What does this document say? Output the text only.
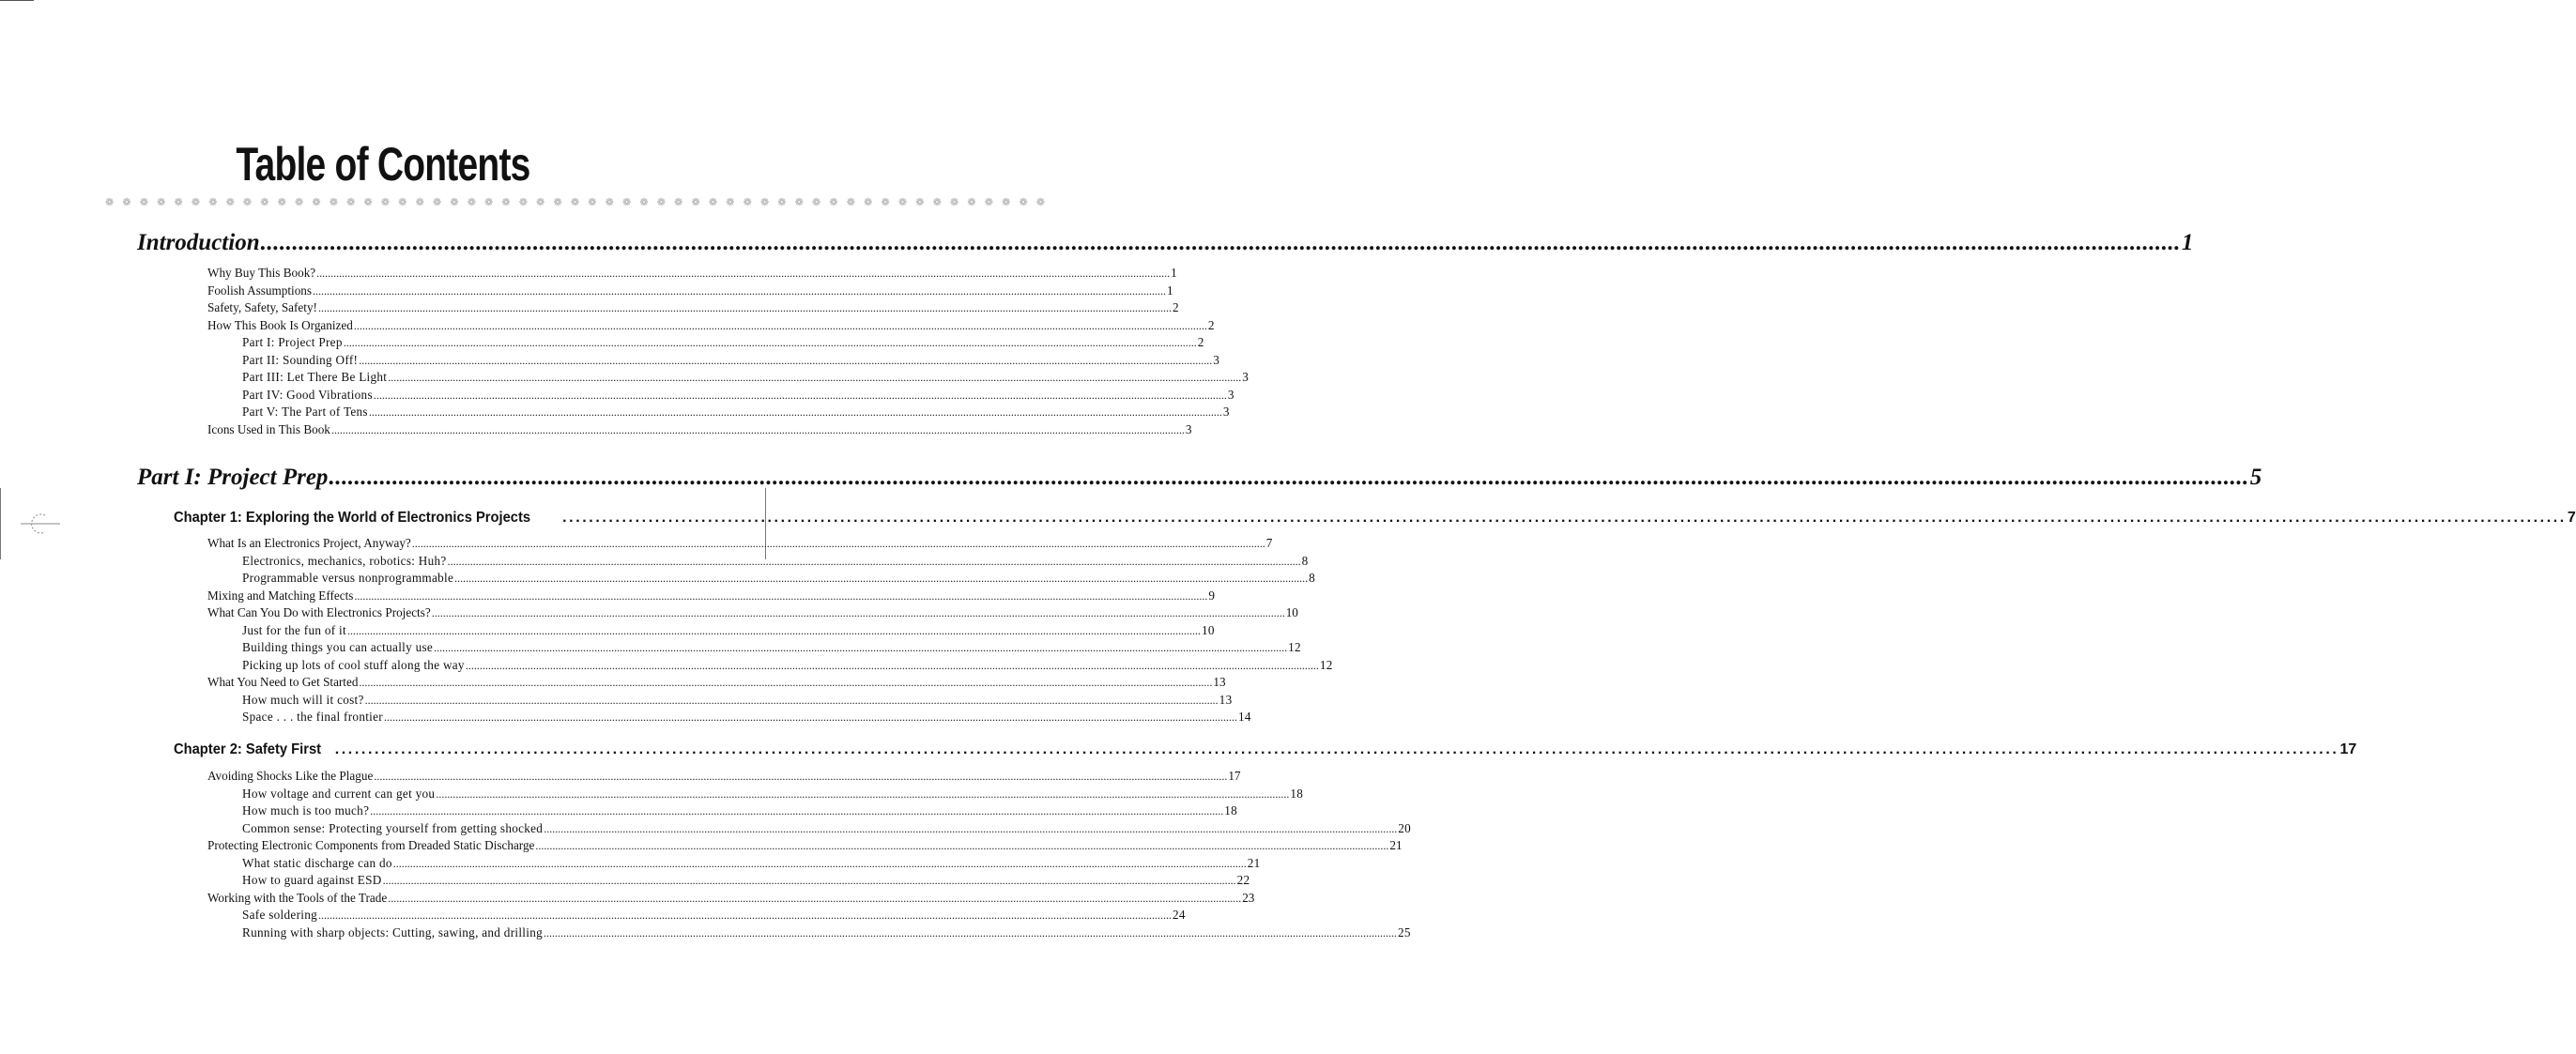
Table of Contents
❁ ❁ ❁ ❁ ❁ ❁ ❁ ❁ ❁ ❁ ❁ ❁ ❁ ❁ ❁ ❁ ❁ ❁ ❁ ❁ ❁ ❁ ❁ ❁ ❁ ❁ ❁ ❁ ❁ ❁ ❁ ❁ ❁ ❁ ❁ ❁ ❁ ❁ ❁ ❁ ❁ ❁ ❁ ❁ ❁ ❁ ❁ ❁ ❁ ❁ ❁ ❁ ❁ ❁ ❁
Introduction .....	1
Why Buy This Book? .....	1
Foolish Assumptions .....	1
Safety, Safety, Safety! .....	2
How This Book Is Organized .....	2
Part I: Project Prep .....	2
Part II: Sounding Off! .....	3
Part III: Let There Be Light .....	3
Part IV: Good Vibrations .....	3
Part V: The Part of Tens .....	3
Icons Used in This Book .....	3
Part I: Project Prep .....	5
Chapter 1: Exploring the World of Electronics Projects .....	7
What Is an Electronics Project, Anyway? .....	7
Electronics, mechanics, robotics: Huh? .....	8
Programmable versus nonprogrammable .....	8
Mixing and Matching Effects .....	9
What Can You Do with Electronics Projects? .....	10
Just for the fun of it .....	10
Building things you can actually use .....	12
Picking up lots of cool stuff along the way .....	12
What You Need to Get Started .....	13
How much will it cost? .....	13
Space . . . the final frontier .....	14
Chapter 2: Safety First .....	17
Avoiding Shocks Like the Plague .....	17
How voltage and current can get you .....	18
How much is too much? .....	18
Common sense: Protecting yourself from getting shocked .....	20
Protecting Electronic Components from Dreaded Static Discharge .....	21
What static discharge can do .....	21
How to guard against ESD .....	22
Working with the Tools of the Trade .....	23
Safe soldering .....	24
Running with sharp objects: Cutting, sawing, and drilling .....	25
